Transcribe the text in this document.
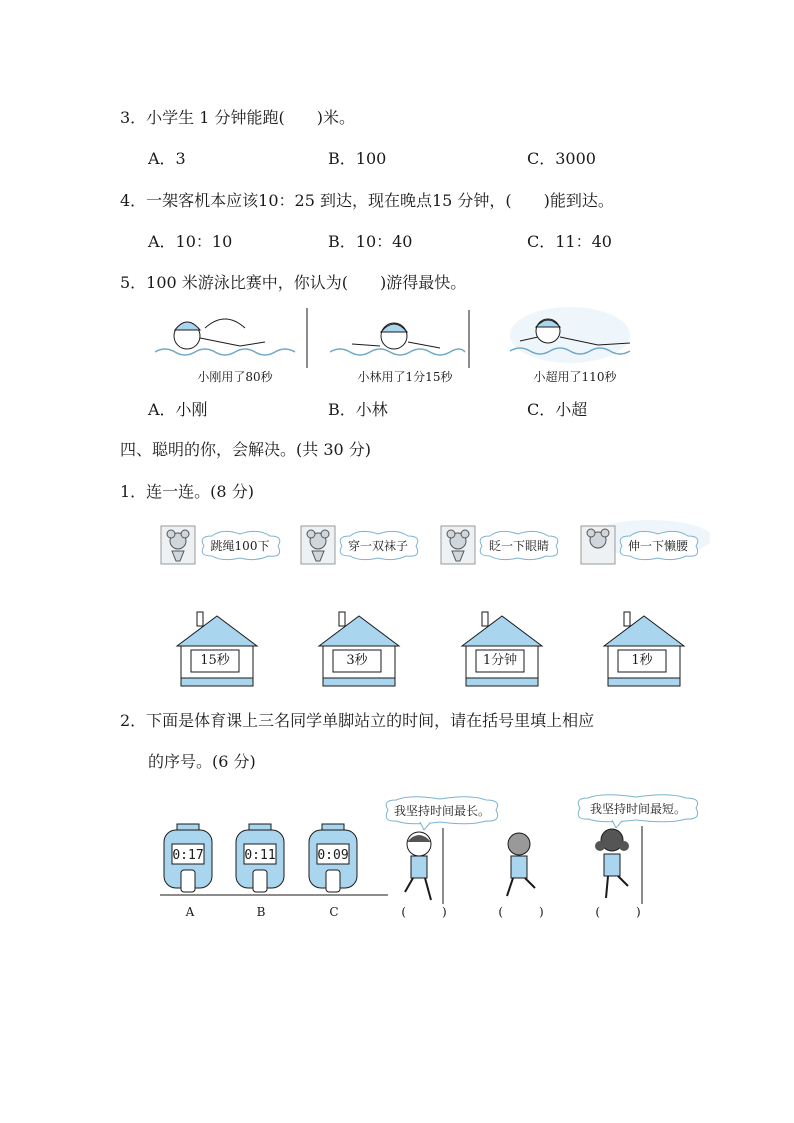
3．小学生 1 分钟能跑(　　)米。
A．3	B．100	C．3000
4．一架客机本应该10：25 到达，现在晚点15 分钟，(　　)能到达。
A．10：10	B．10：40	C．11：40
5．100 米游泳比赛中，你认为(　　)游得最快。
小刚用了80秒	小林用了1分15秒	小超用了110秒
A．小刚	B．小林	C．小超
四、聪明的你，会解决。(共 30 分)
1．连一连。(8 分)
跳绳100下	穿一双袜子	眨一下眼睛	伸一下懒腰
15秒	3秒	1分钟	1秒
2．下面是体育课上三名同学单脚站立的时间，请在括号里填上相应
的序号。(6 分)
0:17	0:11	0:09
A	B	C
我坚持时间最长。	我坚持时间最短。
(　　　)	(　　　)	(　　　)
